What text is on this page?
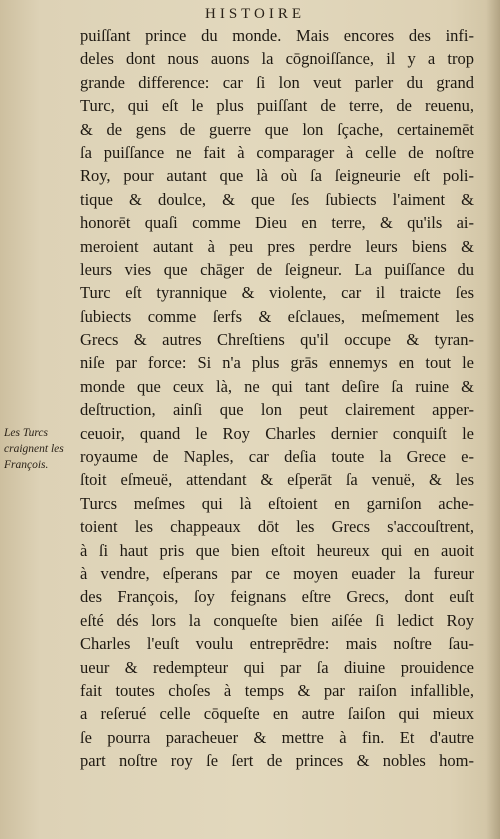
HISTOIRE
puiſſant prince du monde. Mais encores des infi-
deles dont nous auons la cōgnoiſſance, il y a trop
grande difference: car ſi lon veut parler du grand
Turc, qui eſt le plus puiſſant de terre, de reuenu,
& de gens de guerre que lon ſçache, certainemēt
ſa puiſſance ne fait à comparager à celle de noſtre
Roy, pour autant que là où ſa ſeigneurie eſt poli-
tique & doulce, & que ſes ſubiects l'aiment &
honorēt quaſi comme Dieu en terre, & qu'ils ai-
meroient autant à peu pres perdre leurs biens &
leurs vies que chāger de ſeigneur. La puiſſance du
Turc eſt tyrannique & violente, car il traicte ſes
ſubiects comme ſerfs & eſclaues, meſmement les
Grecs & autres Chreſtiens qu'il occupe & tyran-
niſe par force: Si n'a plus grās ennemys en tout le
monde que ceux là, ne qui tant deſire ſa ruine &
deſtruction, ainſi que lon peut clairement apper-
ceuoir, quand le Roy Charles dernier conquiſt le
royaume de Naples, car deſia toute la Grece e-
ſtoit eſmeuë, attendant & eſperāt ſa venuë, & les
Turcs meſmes qui là eſtoient en garniſon ache-
toient les chappeaux dōt les Grecs s'accouſtrent,
à ſi haut pris que bien eſtoit heureux qui en auoit
à vendre, eſperans par ce moyen euader la fureur
des François, ſoy feignans eſtre Grecs, dont euſt
eſté dés lors la conqueſte bien aiſée ſi ledict Roy
Charles l'euſt voulu entreprēdre: mais noſtre ſau-
ueur & redempteur qui par ſa diuine prouidence
fait toutes choſes à temps & par raiſon infallible,
a reſerué celle cōqueſte en autre ſaiſon qui mieux
ſe pourra paracheuer & mettre à fin. Et d'autre
part noſtre roy ſe ſert de princes & nobles hom-
Les Turcs
craignent les
François.
